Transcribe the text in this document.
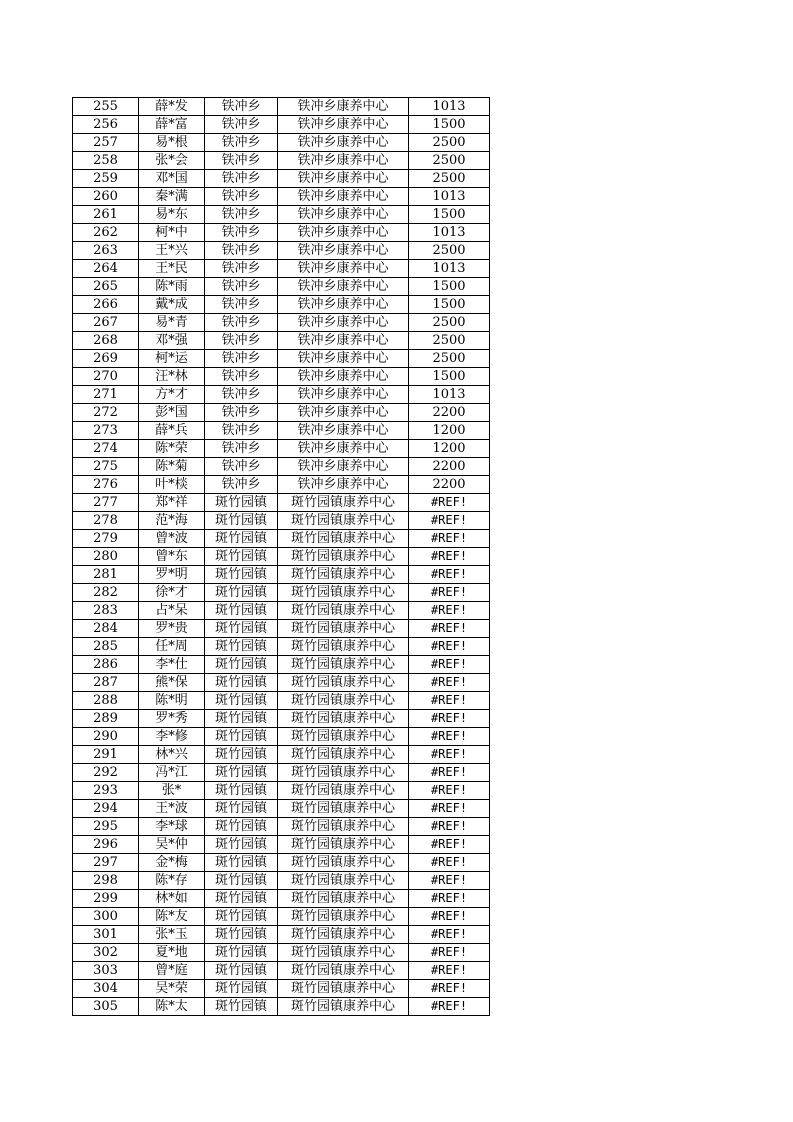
255	薛*发	铁冲乡	铁冲乡康养中心	1013
256	薛*富	铁冲乡	铁冲乡康养中心	1500
257	易*根	铁冲乡	铁冲乡康养中心	2500
258	张*会	铁冲乡	铁冲乡康养中心	2500
259	邓*国	铁冲乡	铁冲乡康养中心	2500
260	秦*满	铁冲乡	铁冲乡康养中心	1013
261	易*东	铁冲乡	铁冲乡康养中心	1500
262	柯*中	铁冲乡	铁冲乡康养中心	1013
263	王*兴	铁冲乡	铁冲乡康养中心	2500
264	王*民	铁冲乡	铁冲乡康养中心	1013
265	陈*雨	铁冲乡	铁冲乡康养中心	1500
266	戴*成	铁冲乡	铁冲乡康养中心	1500
267	易*青	铁冲乡	铁冲乡康养中心	2500
268	邓*强	铁冲乡	铁冲乡康养中心	2500
269	柯*运	铁冲乡	铁冲乡康养中心	2500
270	汪*林	铁冲乡	铁冲乡康养中心	1500
271	方*才	铁冲乡	铁冲乡康养中心	1013
272	彭*国	铁冲乡	铁冲乡康养中心	2200
273	薛*兵	铁冲乡	铁冲乡康养中心	1200
274	陈*荣	铁冲乡	铁冲乡康养中心	1200
275	陈*菊	铁冲乡	铁冲乡康养中心	2200
276	叶*棪	铁冲乡	铁冲乡康养中心	2200
277	郑*祥	斑竹园镇	斑竹园镇康养中心	#REF!
278	范*海	斑竹园镇	斑竹园镇康养中心	#REF!
279	曾*波	斑竹园镇	斑竹园镇康养中心	#REF!
280	曾*东	斑竹园镇	斑竹园镇康养中心	#REF!
281	罗*明	斑竹园镇	斑竹园镇康养中心	#REF!
282	徐*才	斑竹园镇	斑竹园镇康养中心	#REF!
283	占*呆	斑竹园镇	斑竹园镇康养中心	#REF!
284	罗*贵	斑竹园镇	斑竹园镇康养中心	#REF!
285	任*周	斑竹园镇	斑竹园镇康养中心	#REF!
286	李*仕	斑竹园镇	斑竹园镇康养中心	#REF!
287	熊*保	斑竹园镇	斑竹园镇康养中心	#REF!
288	陈*明	斑竹园镇	斑竹园镇康养中心	#REF!
289	罗*秀	斑竹园镇	斑竹园镇康养中心	#REF!
290	李*修	斑竹园镇	斑竹园镇康养中心	#REF!
291	林*兴	斑竹园镇	斑竹园镇康养中心	#REF!
292	冯*江	斑竹园镇	斑竹园镇康养中心	#REF!
293	张*	斑竹园镇	斑竹园镇康养中心	#REF!
294	王*波	斑竹园镇	斑竹园镇康养中心	#REF!
295	李*球	斑竹园镇	斑竹园镇康养中心	#REF!
296	吴*仲	斑竹园镇	斑竹园镇康养中心	#REF!
297	金*梅	斑竹园镇	斑竹园镇康养中心	#REF!
298	陈*存	斑竹园镇	斑竹园镇康养中心	#REF!
299	林*如	斑竹园镇	斑竹园镇康养中心	#REF!
300	陈*友	斑竹园镇	斑竹园镇康养中心	#REF!
301	张*玉	斑竹园镇	斑竹园镇康养中心	#REF!
302	夏*地	斑竹园镇	斑竹园镇康养中心	#REF!
303	曾*庭	斑竹园镇	斑竹园镇康养中心	#REF!
304	吴*荣	斑竹园镇	斑竹园镇康养中心	#REF!
305	陈*太	斑竹园镇	斑竹园镇康养中心	#REF!
